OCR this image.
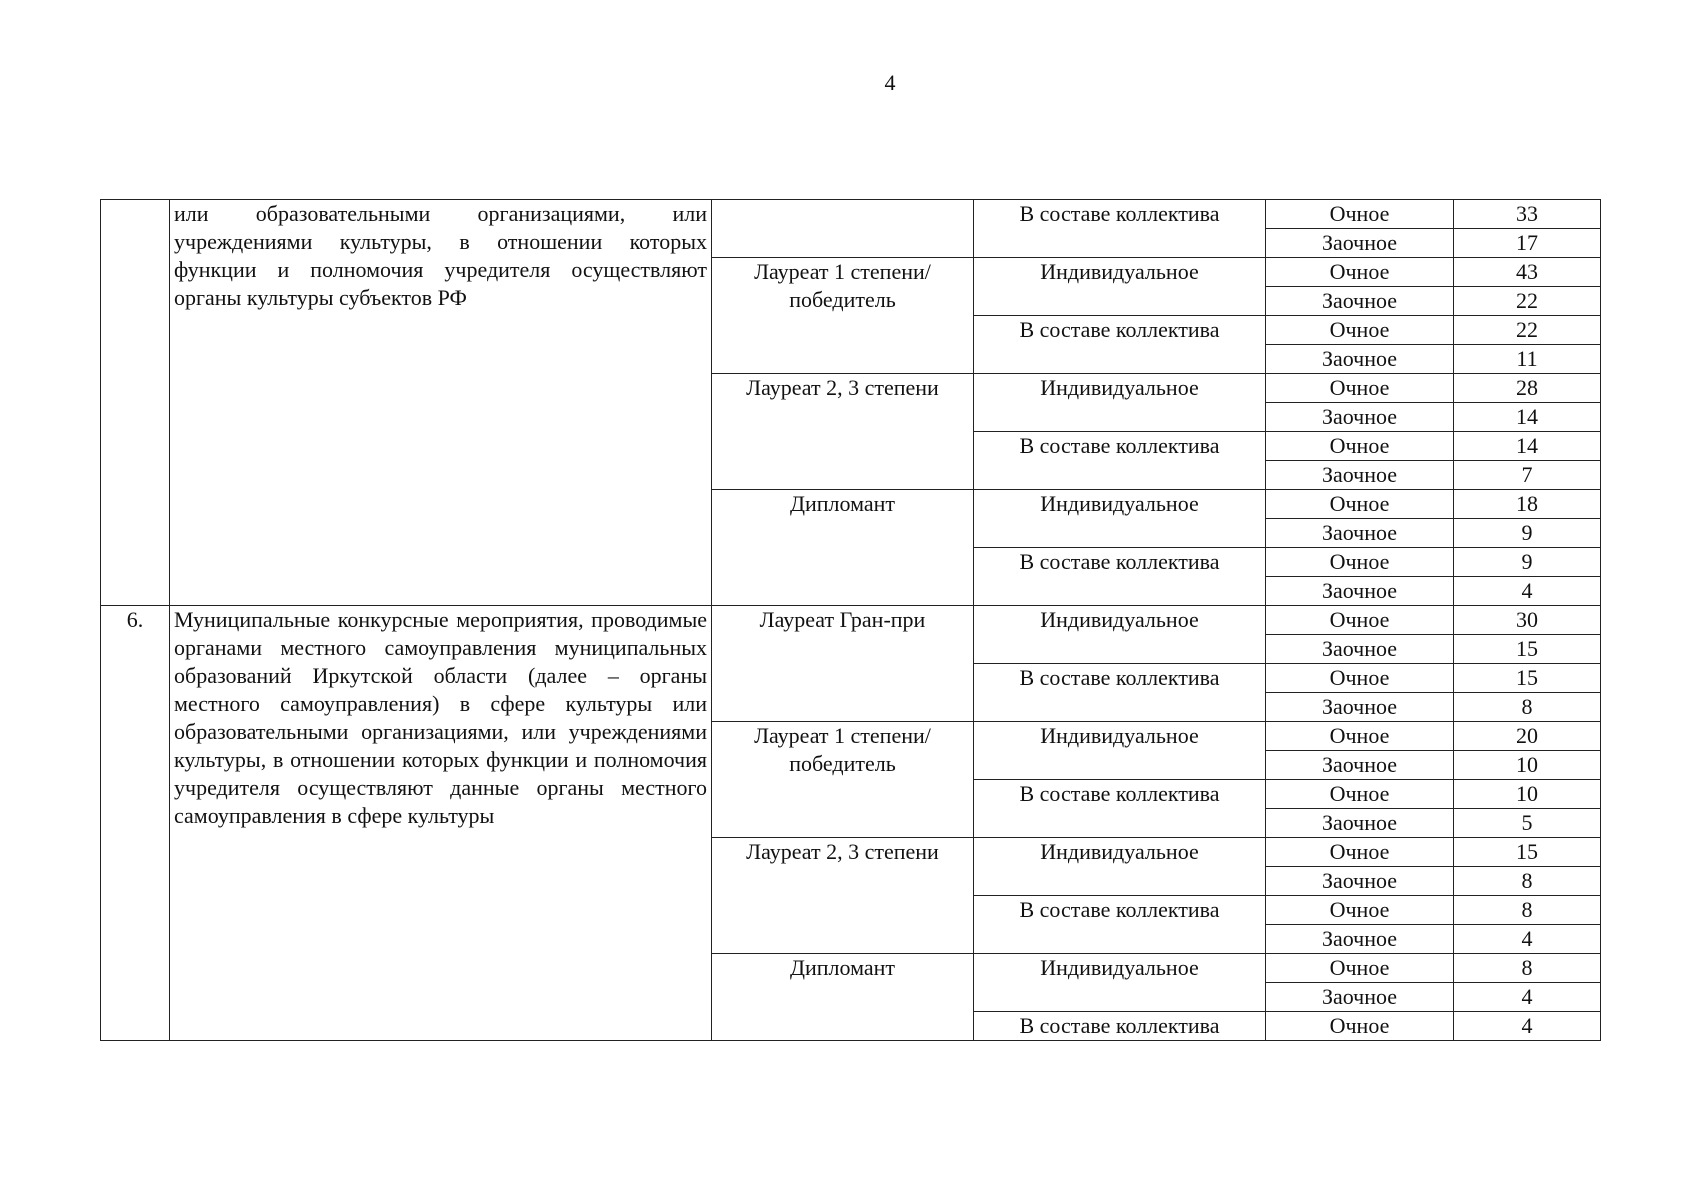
4
	или образовательными организациями, или учреждениями культуры, в отношении которых функции и полномочия учредителя осуществляют органы культуры субъектов РФ		В составе коллектива	Очное	33
				Заочное	17
		Лауреат 1 степени/ победитель	Индивидуальное	Очное	43
				Заочное	22
			В составе коллектива	Очное	22
				Заочное	11
		Лауреат 2, 3 степени	Индивидуальное	Очное	28
				Заочное	14
			В составе коллектива	Очное	14
				Заочное	7
		Дипломант	Индивидуальное	Очное	18
				Заочное	9
			В составе коллектива	Очное	9
				Заочное	4
6.	Муниципальные конкурсные мероприятия, проводимые органами местного самоуправления муниципальных образований Иркутской области (далее – органы местного самоуправления) в сфере культуры или образовательными организациями, или учреждениями культуры, в отношении которых функции и полномочия учредителя осуществляют данные органы местного самоуправления в сфере культуры	Лауреат Гран-при	Индивидуальное	Очное	30
				Заочное	15
			В составе коллектива	Очное	15
				Заочное	8
		Лауреат 1 степени/ победитель	Индивидуальное	Очное	20
				Заочное	10
			В составе коллектива	Очное	10
				Заочное	5
		Лауреат 2, 3 степени	Индивидуальное	Очное	15
				Заочное	8
			В составе коллектива	Очное	8
				Заочное	4
		Дипломант	Индивидуальное	Очное	8
				Заочное	4
			В составе коллектива	Очное	4
